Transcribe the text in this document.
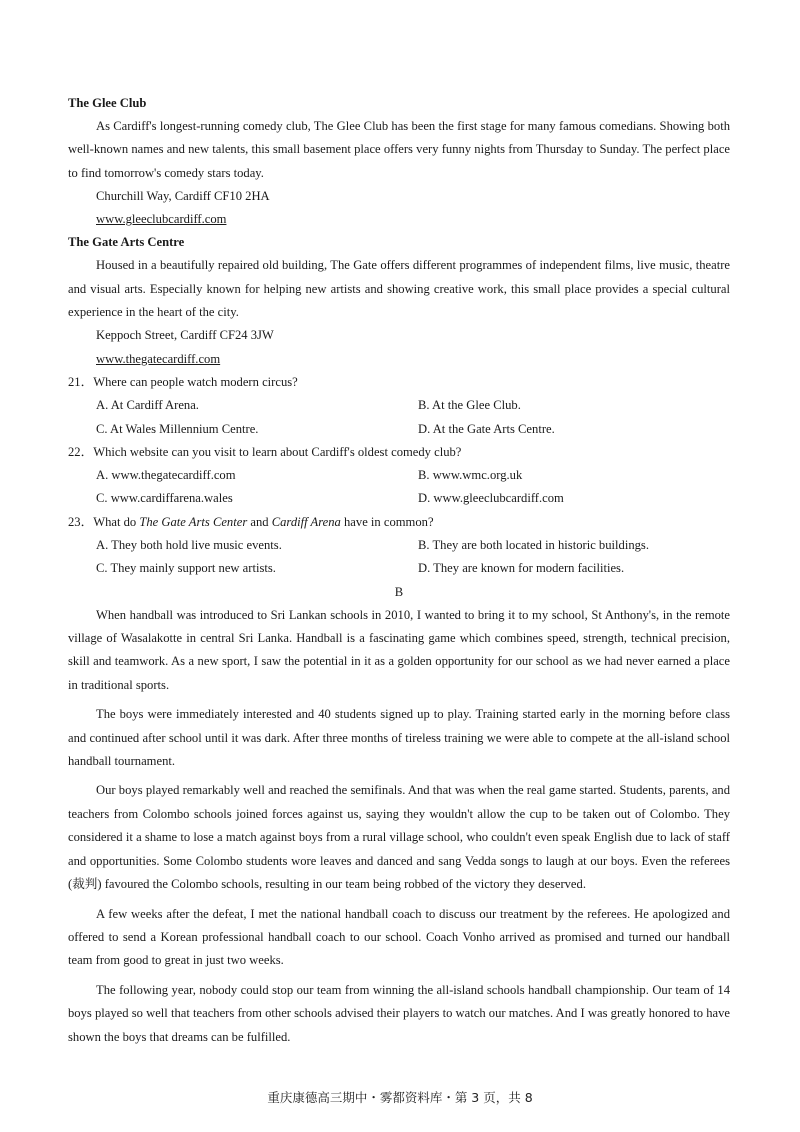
The Glee Club

As Cardiff's longest-running comedy club, The Glee Club has been the first stage for many famous comedians. Showing both well-known names and new talents, this small basement place offers very funny nights from Thursday to Sunday. The perfect place to find tomorrow's comedy stars today.

Churchill Way, Cardiff CF10 2HA

www.gleeclubcardiff.com

The Gate Arts Centre

Housed in a beautifully repaired old building, The Gate offers different programmes of independent films, live music, theatre and visual arts. Especially known for helping new artists and showing creative work, this small place provides a special cultural experience in the heart of the city.

Keppoch Street, Cardiff CF24 3JW

www.thegatecardiff.com

21．Where can people watch modern circus?

A. At Cardiff Arena.	B. At the Glee Club.
C. At Wales Millennium Centre.	D. At the Gate Arts Centre.

22．Which website can you visit to learn about Cardiff's oldest comedy club?

A. www.thegatecardiff.com	B. www.wmc.org.uk
C. www.cardiffarena.wales	D. www.gleeclubcardiff.com

23．What do The Gate Arts Center and Cardiff Arena have in common?

A. They both hold live music events.	B. They are both located in historic buildings.
C. They mainly support new artists.	D. They are known for modern facilities.

B

When handball was introduced to Sri Lankan schools in 2010, I wanted to bring it to my school, St Anthony's, in the remote village of Wasalakotte in central Sri Lanka. Handball is a fascinating game which combines speed, strength, technical precision, skill and teamwork. As a new sport, I saw the potential in it as a golden opportunity for our school as we had never earned a place in traditional sports.

The boys were immediately interested and 40 students signed up to play. Training started early in the morning before class and continued after school until it was dark. After three months of tireless training we were able to compete at the all-island school handball tournament.

Our boys played remarkably well and reached the semifinals. And that was when the real game started. Students, parents, and teachers from Colombo schools joined forces against us, saying they wouldn't allow the cup to be taken out of Colombo. They considered it a shame to lose a match against boys from a rural village school, who couldn't even speak English due to lack of staff and opportunities. Some Colombo students wore leaves and danced and sang Vedda songs to laugh at our boys. Even the referees (裁判) favoured the Colombo schools, resulting in our team being robbed of the victory they deserved.

A few weeks after the defeat, I met the national handball coach to discuss our treatment by the referees. He apologized and offered to send a Korean professional handball coach to our school. Coach Vonho arrived as promised and turned our handball team from good to great in just two weeks.

The following year, nobody could stop our team from winning the all-island schools handball championship. Our team of 14 boys played so well that teachers from other schools advised their players to watch our matches. And I was greatly honored to have shown the boys that dreams can be fulfilled.

重庆康德高三期中・雾都资料库・第 3 页，共 8
